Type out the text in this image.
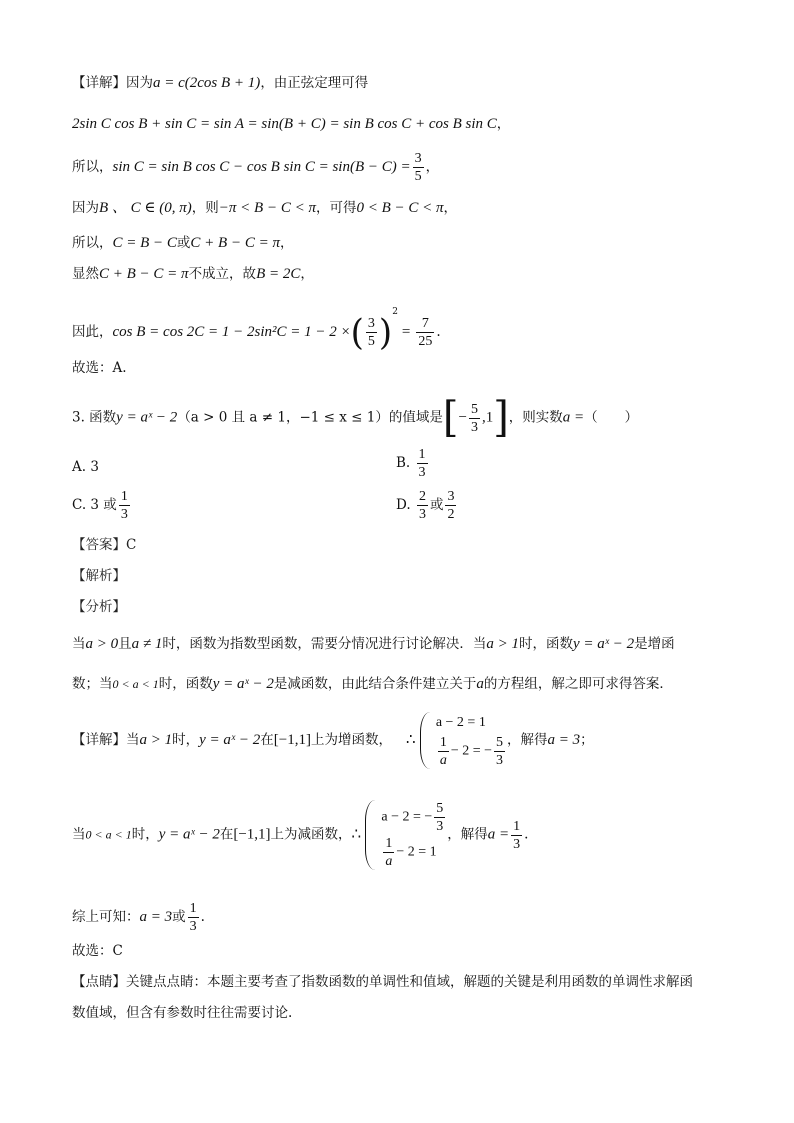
【详解】因为a = c(2cos B + 1)，由正弦定理可得
2sin C cos B + sin C = sin A = sin(B + C) = sin B cos C + cos B sin C，
所以，sin C = sin B cos C − cos B $\sin C = \sin(B - C) = \frac{3}{5}$ ，
因为B 、 C ∈ (0, π)，则−π < B − C < π，可得0 < B − C < π，
所以，C = B − C或C + B − C = π，
显然C + B − C = π不成立，故B = 2C，
因此，cos B = cos 2C = 1 − 2sin²C = 1 − 2 ×( $\frac{3}{5} )^2= \frac{7}{25}$ .
故选：A.
3. 函数y = aˣ − 2（a > 0 且 a ≠ 1，−1 ≤ x ≤ 1）的值域是[− $\frac{5}{3} ,1$]，则实数a =（　　）
A. 3	B. $\frac{1}{3}$
C. 3 或 $\frac{1}{3}$	D. $\frac{2}{3}$ 或 $\frac{3}{2}$
【答案】C
【解析】
【分析】
当a > 0且a ≠ 1时，函数为指数型函数，需要分情况进行讨论解决．当a > 1时，函数y = aˣ − 2是增函
数；当0 < a < 1时，函数y = aˣ − 2是减函数，由此结合条件建立关于a的方程组，解之即可求得答案．
【详解】当a > 1时，y = aˣ − 2在[−1,1]上为增函数， ∴
a − 2 = 1
$\frac{1}{a} - 2$ = − $\frac{5}{3}$ ，解得a = 3；
当0 < a < 1时，y = aˣ − 2在[−1,1]上为减函数，∴
a − 2 = − $\frac{5}{3}$
$\frac{1}{a} - 2 = 1$
，解得$a = \frac{1}{3}$ .
综上可知：a = 3或 $\frac{1}{3}$ .
故选：C
【点睛】关键点点睛：本题主要考查了指数函数的单调性和值域，解题的关键是利用函数的单调性求解函
数值域，但含有参数时往往需要讨论.
